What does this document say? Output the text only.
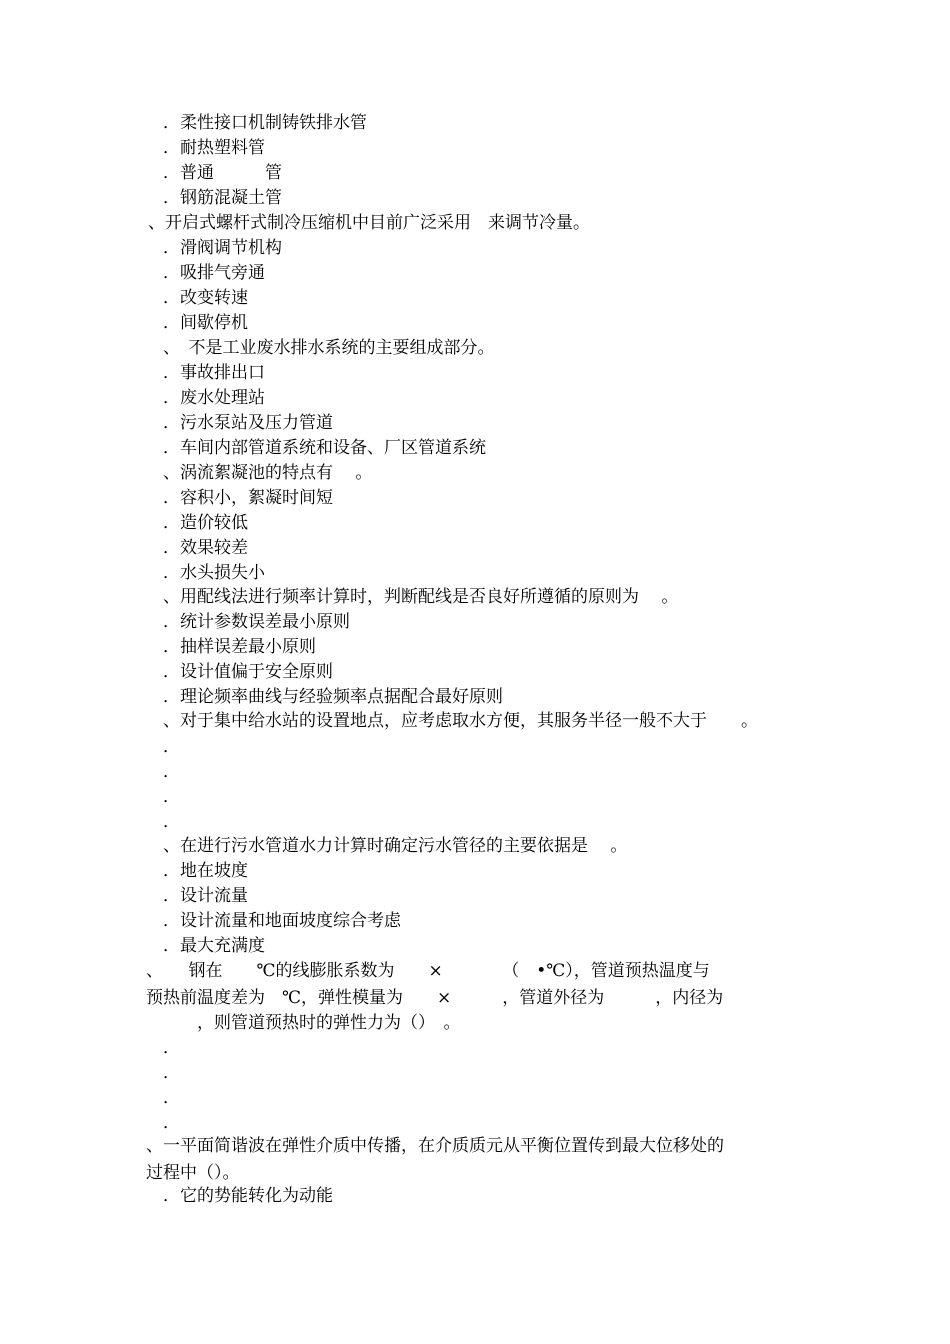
．柔性接口机制铸铁排水管
．耐热塑料管
．普通　　　管
．钢筋混凝土管
、开启式螺杆式制冷压缩机中目前广泛采用　来调节冷量。
．滑阀调节机构
．吸排气旁通
．改变转速
．间歇停机
、　不是工业废水排水系统的主要组成部分。
．事故排出口
．废水处理站
．污水泵站及压力管道
．车间内部管道系统和设备、厂区管道系统
、涡流絮凝池的特点有　 。
．容积小，絮凝时间短
．造价较低
．效果较差
．水头损失小
、用配线法进行频率计算时，判断配线是否良好所遵循的原则为　 。
．统计参数误差最小原则
．抽样误差最小原则
．设计值偏于安全原则
．理论频率曲线与经验频率点据配合最好原则
、对于集中给水站的设置地点，应考虑取水方便，其服务半径一般不大于　　。
．
．
．
．
、在进行污水管道水力计算时确定污水管径的主要依据是　 。
．地在坡度
．设计流量
．设计流量和地面坡度综合考虑
．最大充满度
、　　钢在　　℃的线膨胀系数为　　×　　　　（　•℃），管道预热温度与
预热前温度差为　℃，弹性模量为　　×　　　，管道外径为　　　，内径为
　　　，则管道预热时的弹性力为（）　。
．
．
．
．
、一平面简谐波在弹性介质中传播，在介质质元从平衡位置传到最大位移处的
过程中（）。
．它的势能转化为动能
